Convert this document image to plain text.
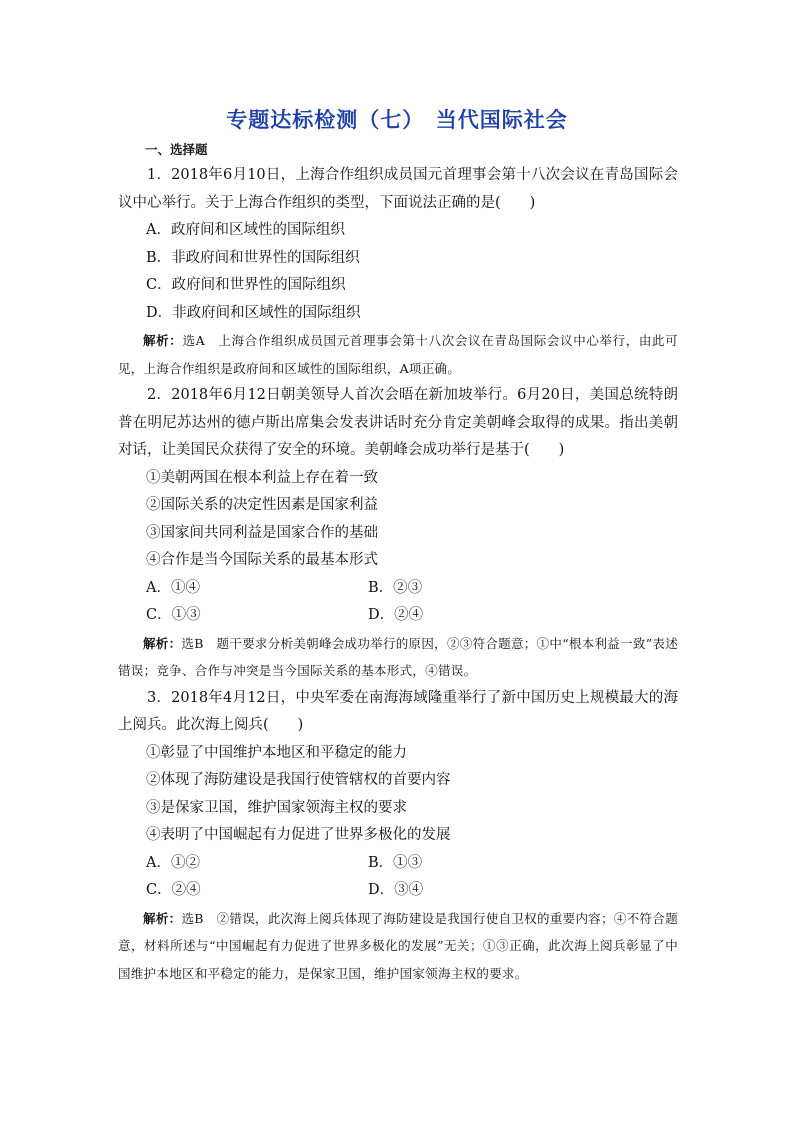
专题达标检测（七）　当代国际社会
一、选择题

1．2018年6月10日，上海合作组织成员国元首理事会第十八次会议在青岛国际会议中心举行。关于上海合作组织的类型，下面说法正确的是(　　)

A．政府间和区域性的国际组织

B．非政府间和世界性的国际组织

C．政府间和世界性的国际组织

D．非政府间和区域性的国际组织

解析：选A　上海合作组织成员国元首理事会第十八次会议在青岛国际会议中心举行，由此可见，上海合作组织是政府间和区域性的国际组织，A项正确。

2．2018年6月12日朝美领导人首次会晤在新加坡举行。6月20日，美国总统特朗普在明尼苏达州的德卢斯出席集会发表讲话时充分肯定美朝峰会取得的成果。指出美朝对话，让美国民众获得了安全的环境。美朝峰会成功举行是基于(　　)

①美朝两国在根本利益上存在着一致

②国际关系的决定性因素是国家利益

③国家间共同利益是国家合作的基础

④合作是当今国际关系的最基本形式

A．①④	B．②③
C．①③	D．②④

解析：选B　题干要求分析美朝峰会成功举行的原因，②③符合题意；①中“根本利益一致”表述错误；竞争、合作与冲突是当今国际关系的基本形式，④错误。

3．2018年4月12日，中央军委在南海海域隆重举行了新中国历史上规模最大的海上阅兵。此次海上阅兵(　　)

①彰显了中国维护本地区和平稳定的能力

②体现了海防建设是我国行使管辖权的首要内容

③是保家卫国，维护国家领海主权的要求

④表明了中国崛起有力促进了世界多极化的发展

A．①②	B．①③
C．②④	D．③④

解析：选B　②错误，此次海上阅兵体现了海防建设是我国行使自卫权的重要内容；④不符合题意，材料所述与“中国崛起有力促进了世界多极化的发展”无关；①③正确，此次海上阅兵彰显了中国维护本地区和平稳定的能力，是保家卫国，维护国家领海主权的要求。
